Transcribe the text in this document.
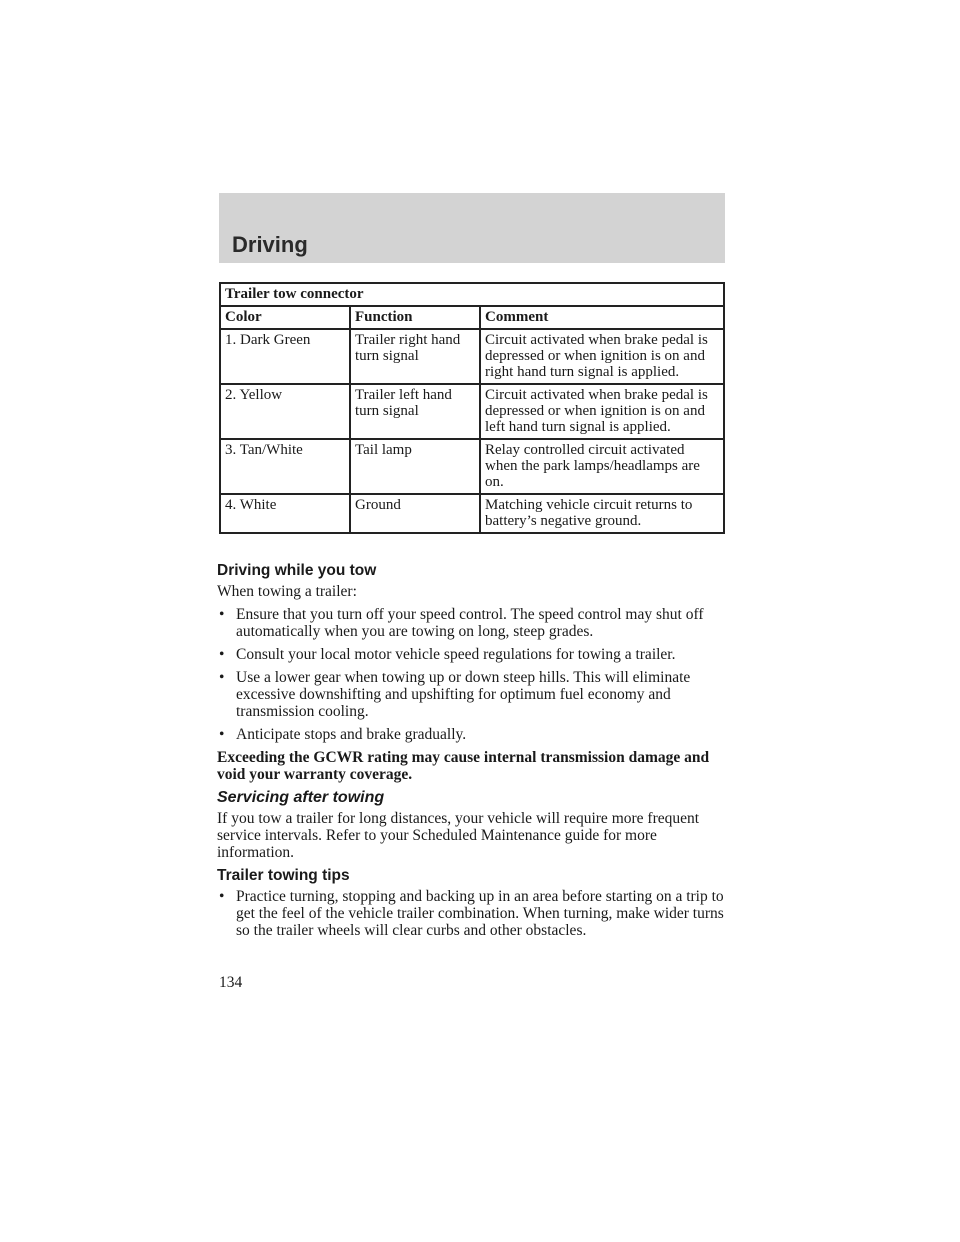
Driving
Trailer tow connector		
Color	Function	Comment
1. Dark Green	Trailer right hand turn signal	Circuit activated when brake pedal is depressed or when ignition is on and right hand turn signal is applied.
2. Yellow	Trailer left hand turn signal	Circuit activated when brake pedal is depressed or when ignition is on and left hand turn signal is applied.
3. Tan/White	Tail lamp	Relay controlled circuit activated when the park lamps/headlamps are on.
4. White	Ground	Matching vehicle circuit returns to battery’s negative ground.
Driving while you tow

When towing a trailer:

• Ensure that you turn off your speed control. The speed control may shut off automatically when you are towing on long, steep grades.
• Consult your local motor vehicle speed regulations for towing a trailer.
• Use a lower gear when towing up or down steep hills. This will eliminate excessive downshifting and upshifting for optimum fuel economy and transmission cooling.
• Anticipate stops and brake gradually.

Exceeding the GCWR rating may cause internal transmission damage and void your warranty coverage.

Servicing after towing

If you tow a trailer for long distances, your vehicle will require more frequent service intervals. Refer to your Scheduled Maintenance guide for more information.

Trailer towing tips
• Practice turning, stopping and backing up in an area before starting on a trip to get the feel of the vehicle trailer combination. When turning, make wider turns so the trailer wheels will clear curbs and other obstacles.
134
